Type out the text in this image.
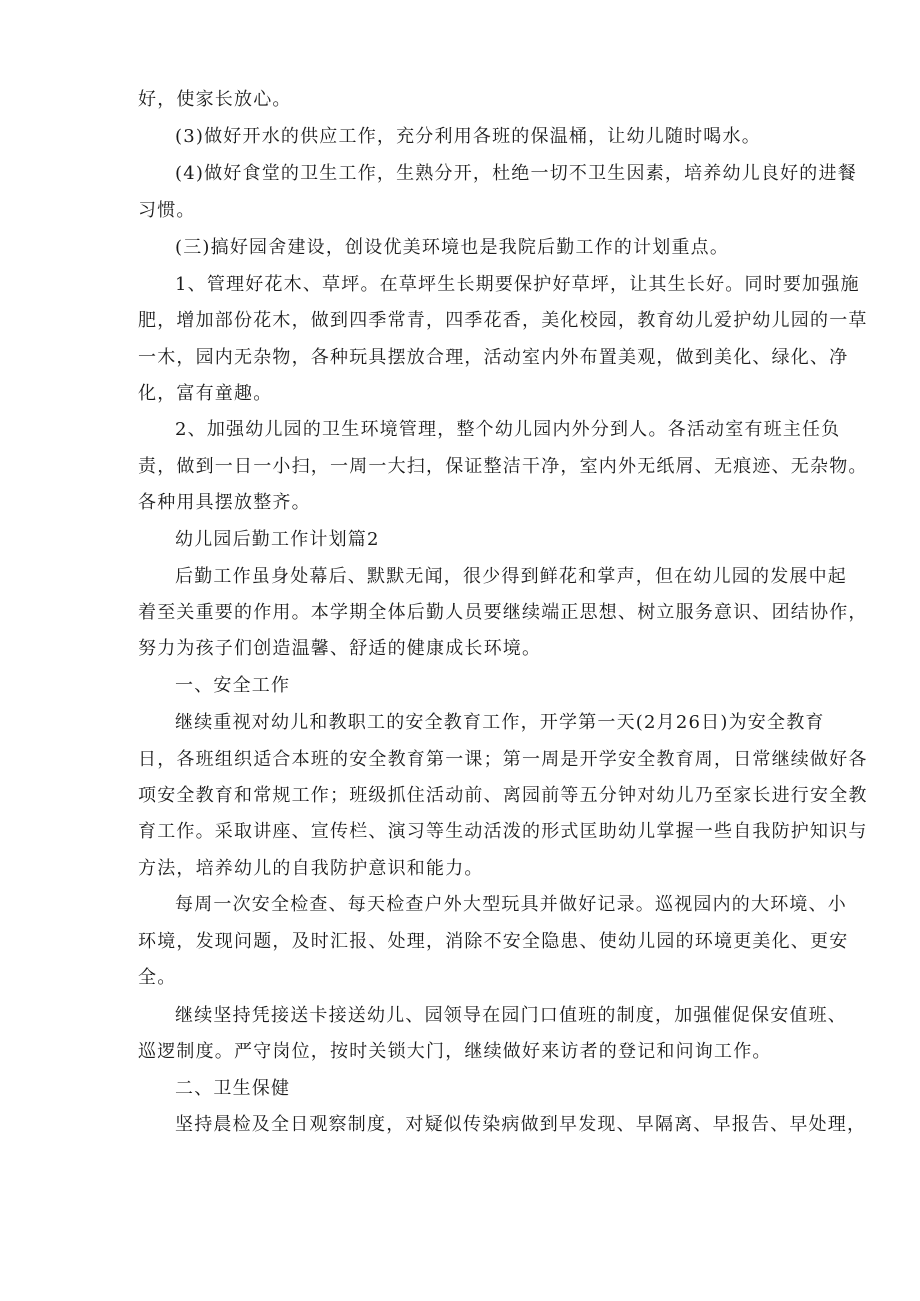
好，使家长放心。
(3)做好开水的供应工作，充分利用各班的保温桶，让幼儿随时喝水。
(4)做好食堂的卫生工作，生熟分开，杜绝一切不卫生因素，培养幼儿良好的进餐
习惯。
(三)搞好园舍建设，创设优美环境也是我院后勤工作的计划重点。
1、管理好花木、草坪。在草坪生长期要保护好草坪，让其生长好。同时要加强施
肥，增加部份花木，做到四季常青，四季花香，美化校园，教育幼儿爱护幼儿园的一草
一木，园内无杂物，各种玩具摆放合理，活动室内外布置美观，做到美化、绿化、净
化，富有童趣。
2、加强幼儿园的卫生环境管理，整个幼儿园内外分到人。各活动室有班主任负
责，做到一日一小扫，一周一大扫，保证整洁干净，室内外无纸屑、无痕迹、无杂物。
各种用具摆放整齐。
幼儿园后勤工作计划篇2
后勤工作虽身处幕后、默默无闻，很少得到鲜花和掌声，但在幼儿园的发展中起
着至关重要的作用。本学期全体后勤人员要继续端正思想、树立服务意识、团结协作，
努力为孩子们创造温馨、舒适的健康成长环境。
一、安全工作
继续重视对幼儿和教职工的安全教育工作，开学第一天(2月26日)为安全教育
日，各班组织适合本班的安全教育第一课；第一周是开学安全教育周，日常继续做好各
项安全教育和常规工作；班级抓住活动前、离园前等五分钟对幼儿乃至家长进行安全教
育工作。采取讲座、宣传栏、演习等生动活泼的形式匡助幼儿掌握一些自我防护知识与
方法，培养幼儿的自我防护意识和能力。
每周一次安全检查、每天检查户外大型玩具并做好记录。巡视园内的大环境、小
环境，发现问题，及时汇报、处理，消除不安全隐患、使幼儿园的环境更美化、更安
全。
继续坚持凭接送卡接送幼儿、园领导在园门口值班的制度，加强催促保安值班、
巡逻制度。严守岗位，按时关锁大门，继续做好来访者的登记和问询工作。
二、卫生保健
坚持晨检及全日观察制度，对疑似传染病做到早发现、早隔离、早报告、早处理，
